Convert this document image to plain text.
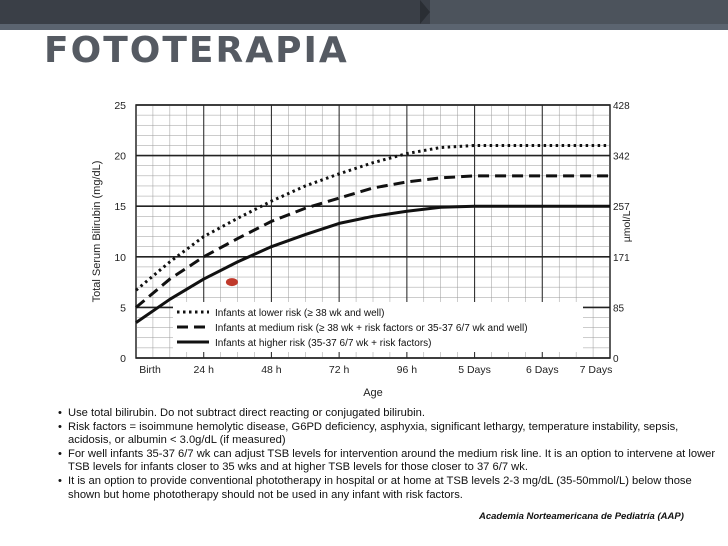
FOTOTERAPIA
Infants at lower risk (≥ 38 wk and well)
Infants at medium risk (≥ 38 wk + risk factors or 35-37 6/7 wk and well)
Infants at higher risk (35-37 6/7 wk + risk factors)
0
5
10
15
20
25
0
85
171
257
342
428
Birth	24 h	48 h	72 h	96 h	5 Days	6 Days 7 Days
Age
Total Serum Bilirubin (mg/dL)	µmol/L

• Use total bilirubin. Do not subtract direct reacting or conjugated bilirubin.

• Risk factors = isoimmune hemolytic disease, G6PD deficiency, asphyxia, significant lethargy, temperature instability, sepsis, acidosis, or albumin < 3.0g/dL (if measured)

• For well infants 35-37 6/7 wk can adjust TSB levels for intervention around the medium risk line. It is an option to intervene at lower TSB levels for infants closer to 35 wks and at higher TSB levels for those closer to 37 6/7 wk.

• It is an option to provide conventional phototherapy in hospital or at home at TSB levels 2-3 mg/dL (35-50mmol/L) below those shown but home phototherapy should not be used in any infant with risk factors.

Academia Norteamericana de Pediatría (AAP)
